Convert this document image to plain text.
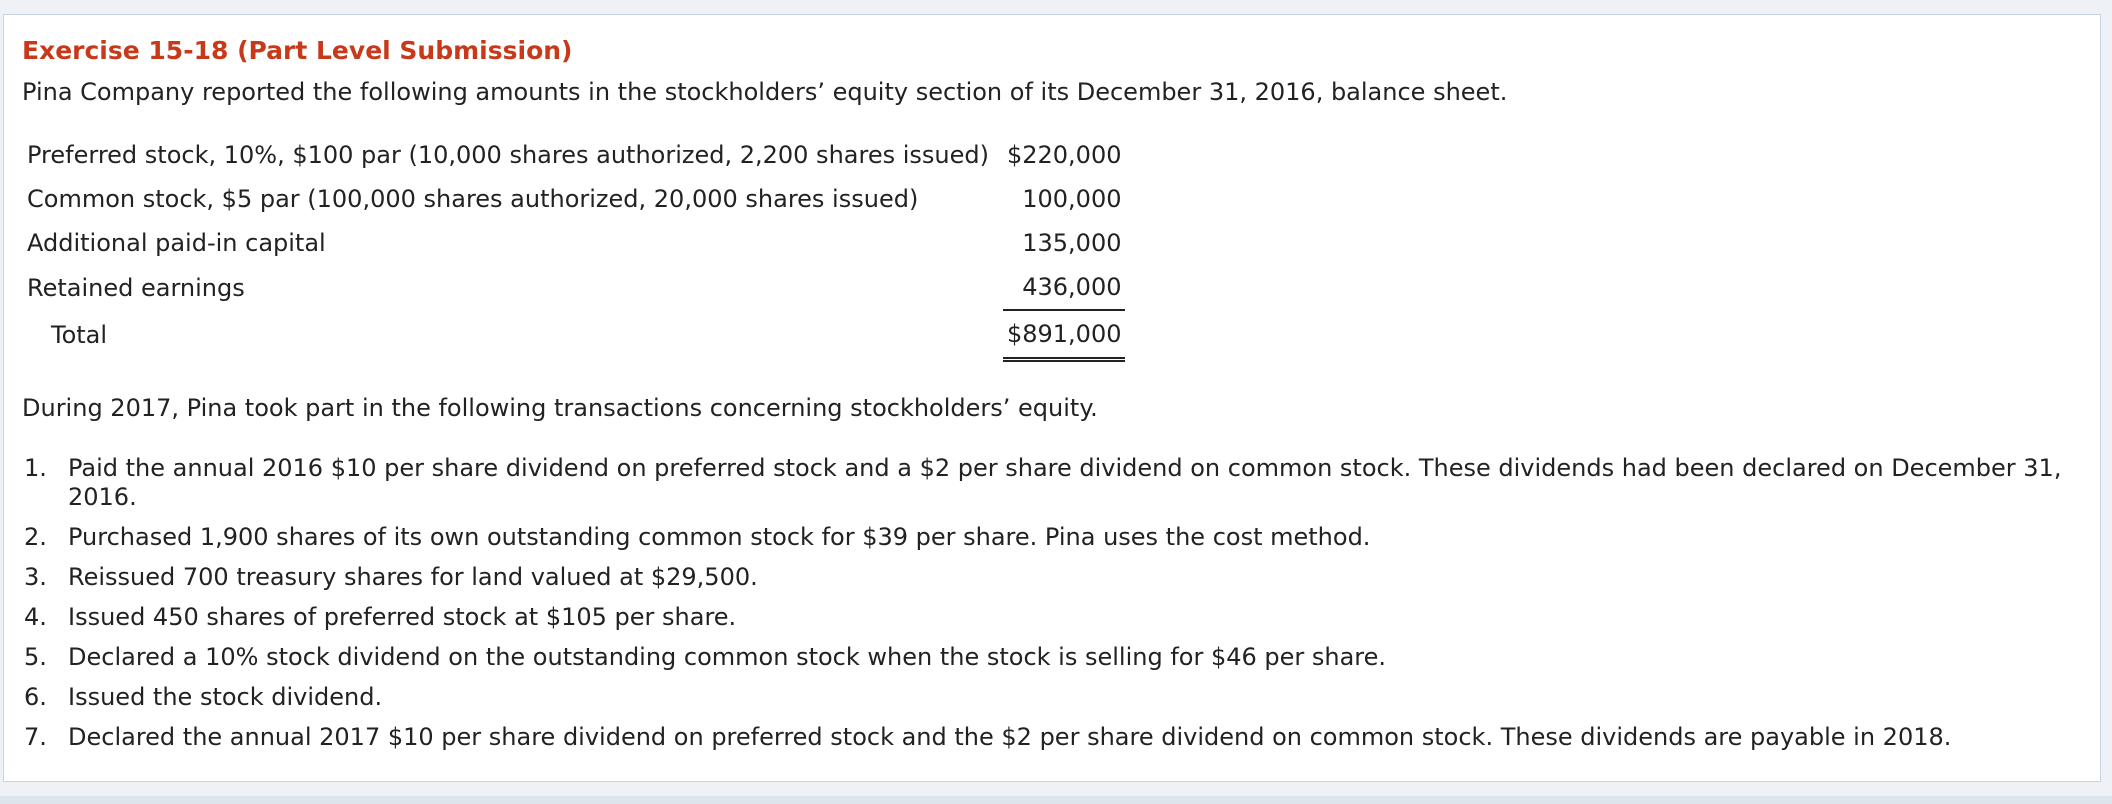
Exercise 15-18 (Part Level Submission)

Pina Company reported the following amounts in the stockholders’ equity section of its December 31, 2016, balance sheet.

Preferred stock, 10%, $100 par (10,000 shares authorized, 2,200 shares issued)	$220,000
Common stock, $5 par (100,000 shares authorized, 20,000 shares issued)	100,000
Additional paid-in capital	135,000
Retained earnings	436,000
Total	$891,000

During 2017, Pina took part in the following transactions concerning stockholders’ equity.

1. Paid the annual 2016 $10 per share dividend on preferred stock and a $2 per share dividend on common stock. These dividends had been declared on December 31, 2016.
2. Purchased 1,900 shares of its own outstanding common stock for $39 per share. Pina uses the cost method.
3. Reissued 700 treasury shares for land valued at $29,500.
4. Issued 450 shares of preferred stock at $105 per share.
5. Declared a 10% stock dividend on the outstanding common stock when the stock is selling for $46 per share.
6. Issued the stock dividend.
7. Declared the annual 2017 $10 per share dividend on preferred stock and the $2 per share dividend on common stock. These dividends are payable in 2018.
